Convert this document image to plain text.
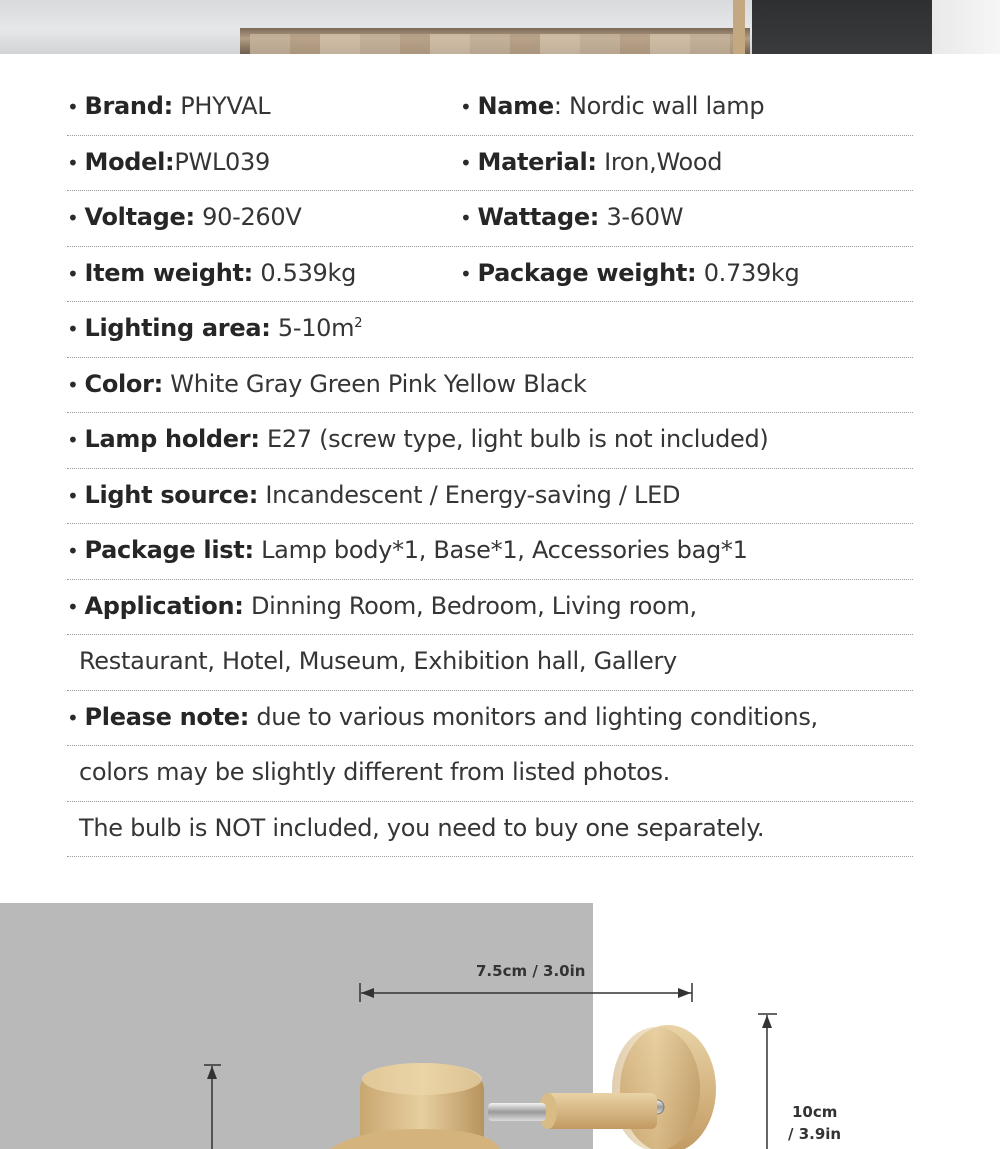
• Brand: PHYVAL	• Name: Nordic wall lamp
• Model:PWL039	• Material: Iron,Wood
• Voltage: 90-260V	• Wattage: 3-60W
• Item weight: 0.539kg	• Package weight: 0.739kg
• Lighting area: $5-10m^2$
• Color: White Gray Green Pink Yellow Black
• Lamp holder: E27 (screw type, light bulb is not included)
• Light source: Incandescent / Energy-saving / LED
• Package list: Lamp body*1, Base*1, Accessories bag*1
• Application: Dinning Room, Bedroom, Living room,
Restaurant, Hotel, Museum, Exhibition hall, Gallery
• Please note: due to various monitors and lighting conditions,
colors may be slightly different from listed photos.
The bulb is NOT included, you need to buy one separately.
7.5cm / 3.0in
10cm
/ 3.9in
